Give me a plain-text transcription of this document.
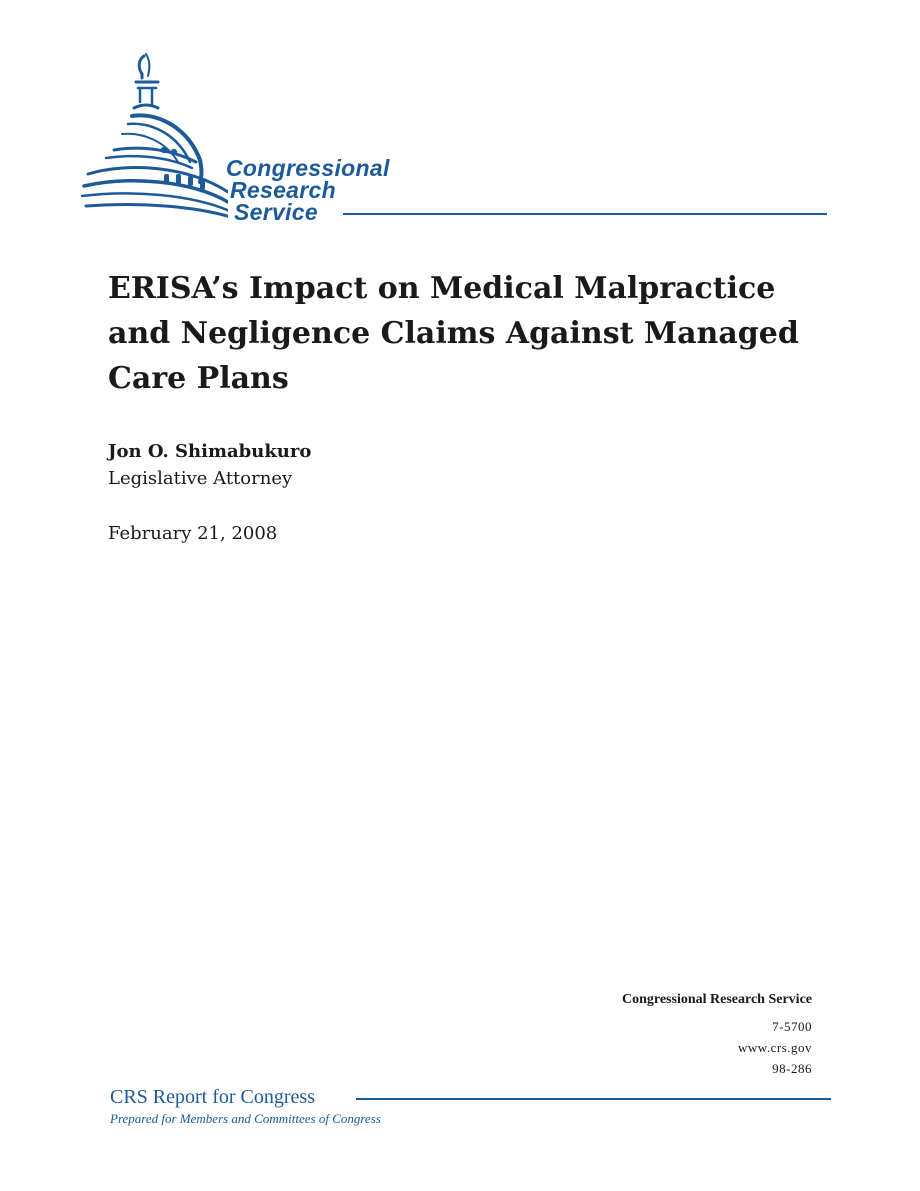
Congressional
Research
Service
ERISA’s Impact on Medical Malpractice and Negligence Claims Against Managed Care Plans
Jon O. Shimabukuro
Legislative Attorney
February 21, 2008
Congressional Research Service
7-5700
www.crs.gov
98-286
CRS Report for Congress
Prepared for Members and Committees of Congress
